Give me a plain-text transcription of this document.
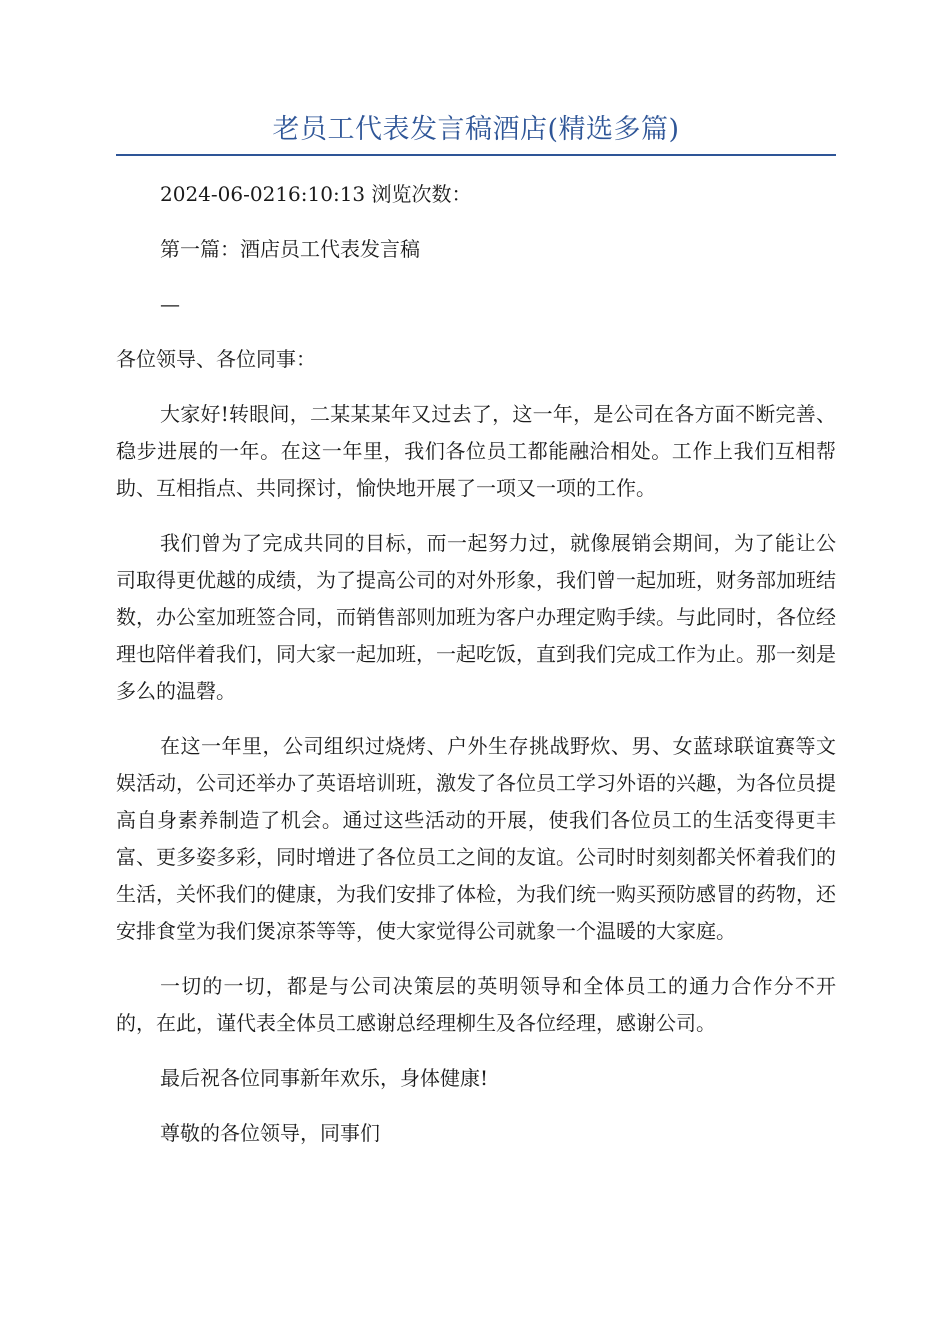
老员工代表发言稿酒店(精选多篇)
2024-06-0216:10:13 浏览次数：
第一篇：酒店员工代表发言稿
—

各位领导、各位同事：

大家好!转眼间，二某某某年又过去了，这一年，是公司在各方面不断完善、稳步进展的一年。在这一年里，我们各位员工都能融洽相处。工作上我们互相帮助、互相指点、共同探讨，愉快地开展了一项又一项的工作。

我们曾为了完成共同的目标，而一起努力过，就像展销会期间，为了能让公司取得更优越的成绩，为了提高公司的对外形象，我们曾一起加班，财务部加班结数，办公室加班签合同，而销售部则加班为客户办理定购手续。与此同时，各位经理也陪伴着我们，同大家一起加班，一起吃饭，直到我们完成工作为止。那一刻是多么的温磬。

在这一年里，公司组织过烧烤、户外生存挑战野炊、男、女蓝球联谊赛等文娱活动，公司还举办了英语培训班，激发了各位员工学习外语的兴趣，为各位员提高自身素养制造了机会。通过这些活动的开展，使我们各位员工的生活变得更丰富、更多姿多彩，同时增进了各位员工之间的友谊。公司时时刻刻都关怀着我们的生活，关怀我们的健康，为我们安排了体检，为我们统一购买预防感冒的药物，还安排食堂为我们煲凉茶等等，使大家觉得公司就象一个温暖的大家庭。

一切的一切，都是与公司决策层的英明领导和全体员工的通力合作分不开的，在此，谨代表全体员工感谢总经理柳生及各位经理，感谢公司。

最后祝各位同事新年欢乐，身体健康!

尊敬的各位领导，同事们
